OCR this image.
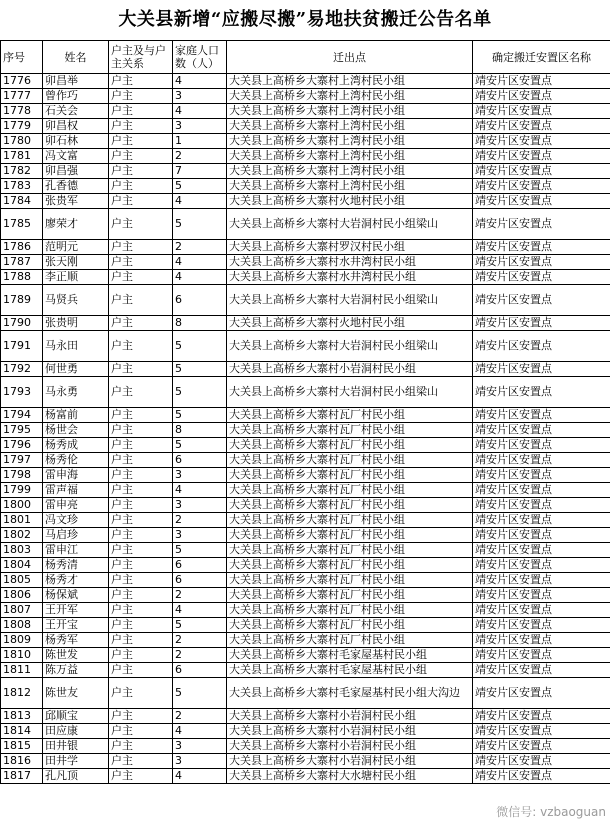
大关县新增“应搬尽搬”易地扶贫搬迁公告名单
序号	姓名	户主及与户主关系	家庭人口数（人）	迁出点	确定搬迁安置区名称
1776	卯昌举	户主	4	大关县上高桥乡大寨村上湾村民小组	靖安片区安置点
1777	曾作巧	户主	3	大关县上高桥乡大寨村上湾村民小组	靖安片区安置点
1778	石关会	户主	4	大关县上高桥乡大寨村上湾村民小组	靖安片区安置点
1779	卯昌权	户主	3	大关县上高桥乡大寨村上湾村民小组	靖安片区安置点
1780	卯石林	户主	1	大关县上高桥乡大寨村上湾村民小组	靖安片区安置点
1781	冯文富	户主	2	大关县上高桥乡大寨村上湾村民小组	靖安片区安置点
1782	卯昌强	户主	7	大关县上高桥乡大寨村上湾村民小组	靖安片区安置点
1783	孔香德	户主	5	大关县上高桥乡大寨村上湾村民小组	靖安片区安置点
1784	张贵军	户主	4	大关县上高桥乡大寨村火地村民小组	靖安片区安置点
1785	廖荣才	户主	5	大关县上高桥乡大寨村大岩洞村民小组梁山	靖安片区安置点
1786	范明元	户主	2	大关县上高桥乡大寨村罗汉村民小组	靖安片区安置点
1787	张天刚	户主	4	大关县上高桥乡大寨村水井湾村民小组	靖安片区安置点
1788	李正顺	户主	4	大关县上高桥乡大寨村水井湾村民小组	靖安片区安置点
1789	马贤兵	户主	6	大关县上高桥乡大寨村大岩洞村民小组梁山	靖安片区安置点
1790	张贵明	户主	8	大关县上高桥乡大寨村火地村民小组	靖安片区安置点
1791	马永田	户主	5	大关县上高桥乡大寨村大岩洞村民小组梁山	靖安片区安置点
1792	何世勇	户主	5	大关县上高桥乡大寨村小岩洞村民小组	靖安片区安置点
1793	马永勇	户主	5	大关县上高桥乡大寨村大岩洞村民小组梁山	靖安片区安置点
1794	杨富前	户主	5	大关县上高桥乡大寨村瓦厂村民小组	靖安片区安置点
1795	杨世会	户主	8	大关县上高桥乡大寨村瓦厂村民小组	靖安片区安置点
1796	杨秀成	户主	5	大关县上高桥乡大寨村瓦厂村民小组	靖安片区安置点
1797	杨秀伦	户主	6	大关县上高桥乡大寨村瓦厂村民小组	靖安片区安置点
1798	雷申海	户主	3	大关县上高桥乡大寨村瓦厂村民小组	靖安片区安置点
1799	雷声福	户主	4	大关县上高桥乡大寨村瓦厂村民小组	靖安片区安置点
1800	雷申亮	户主	3	大关县上高桥乡大寨村瓦厂村民小组	靖安片区安置点
1801	冯文珍	户主	2	大关县上高桥乡大寨村瓦厂村民小组	靖安片区安置点
1802	马启珍	户主	3	大关县上高桥乡大寨村瓦厂村民小组	靖安片区安置点
1803	雷申江	户主	5	大关县上高桥乡大寨村瓦厂村民小组	靖安片区安置点
1804	杨秀清	户主	6	大关县上高桥乡大寨村瓦厂村民小组	靖安片区安置点
1805	杨秀才	户主	6	大关县上高桥乡大寨村瓦厂村民小组	靖安片区安置点
1806	杨保斌	户主	2	大关县上高桥乡大寨村瓦厂村民小组	靖安片区安置点
1807	王开军	户主	4	大关县上高桥乡大寨村瓦厂村民小组	靖安片区安置点
1808	王开宝	户主	5	大关县上高桥乡大寨村瓦厂村民小组	靖安片区安置点
1809	杨秀军	户主	2	大关县上高桥乡大寨村瓦厂村民小组	靖安片区安置点
1810	陈世发	户主	2	大关县上高桥乡大寨村毛家屋基村民小组	靖安片区安置点
1811	陈万益	户主	6	大关县上高桥乡大寨村毛家屋基村民小组	靖安片区安置点
1812	陈世友	户主	5	大关县上高桥乡大寨村毛家屋基村民小组大沟边	靖安片区安置点
1813	邱顺宝	户主	2	大关县上高桥乡大寨村小岩洞村民小组	靖安片区安置点
1814	田应康	户主	4	大关县上高桥乡大寨村小岩洞村民小组	靖安片区安置点
1815	田井银	户主	3	大关县上高桥乡大寨村小岩洞村民小组	靖安片区安置点
1816	田井学	户主	3	大关县上高桥乡大寨村小岩洞村民小组	靖安片区安置点
1817	孔凡顶	户主	4	大关县上高桥乡大寨村大水塘村民小组	靖安片区安置点
微信号: vzbaoguan
